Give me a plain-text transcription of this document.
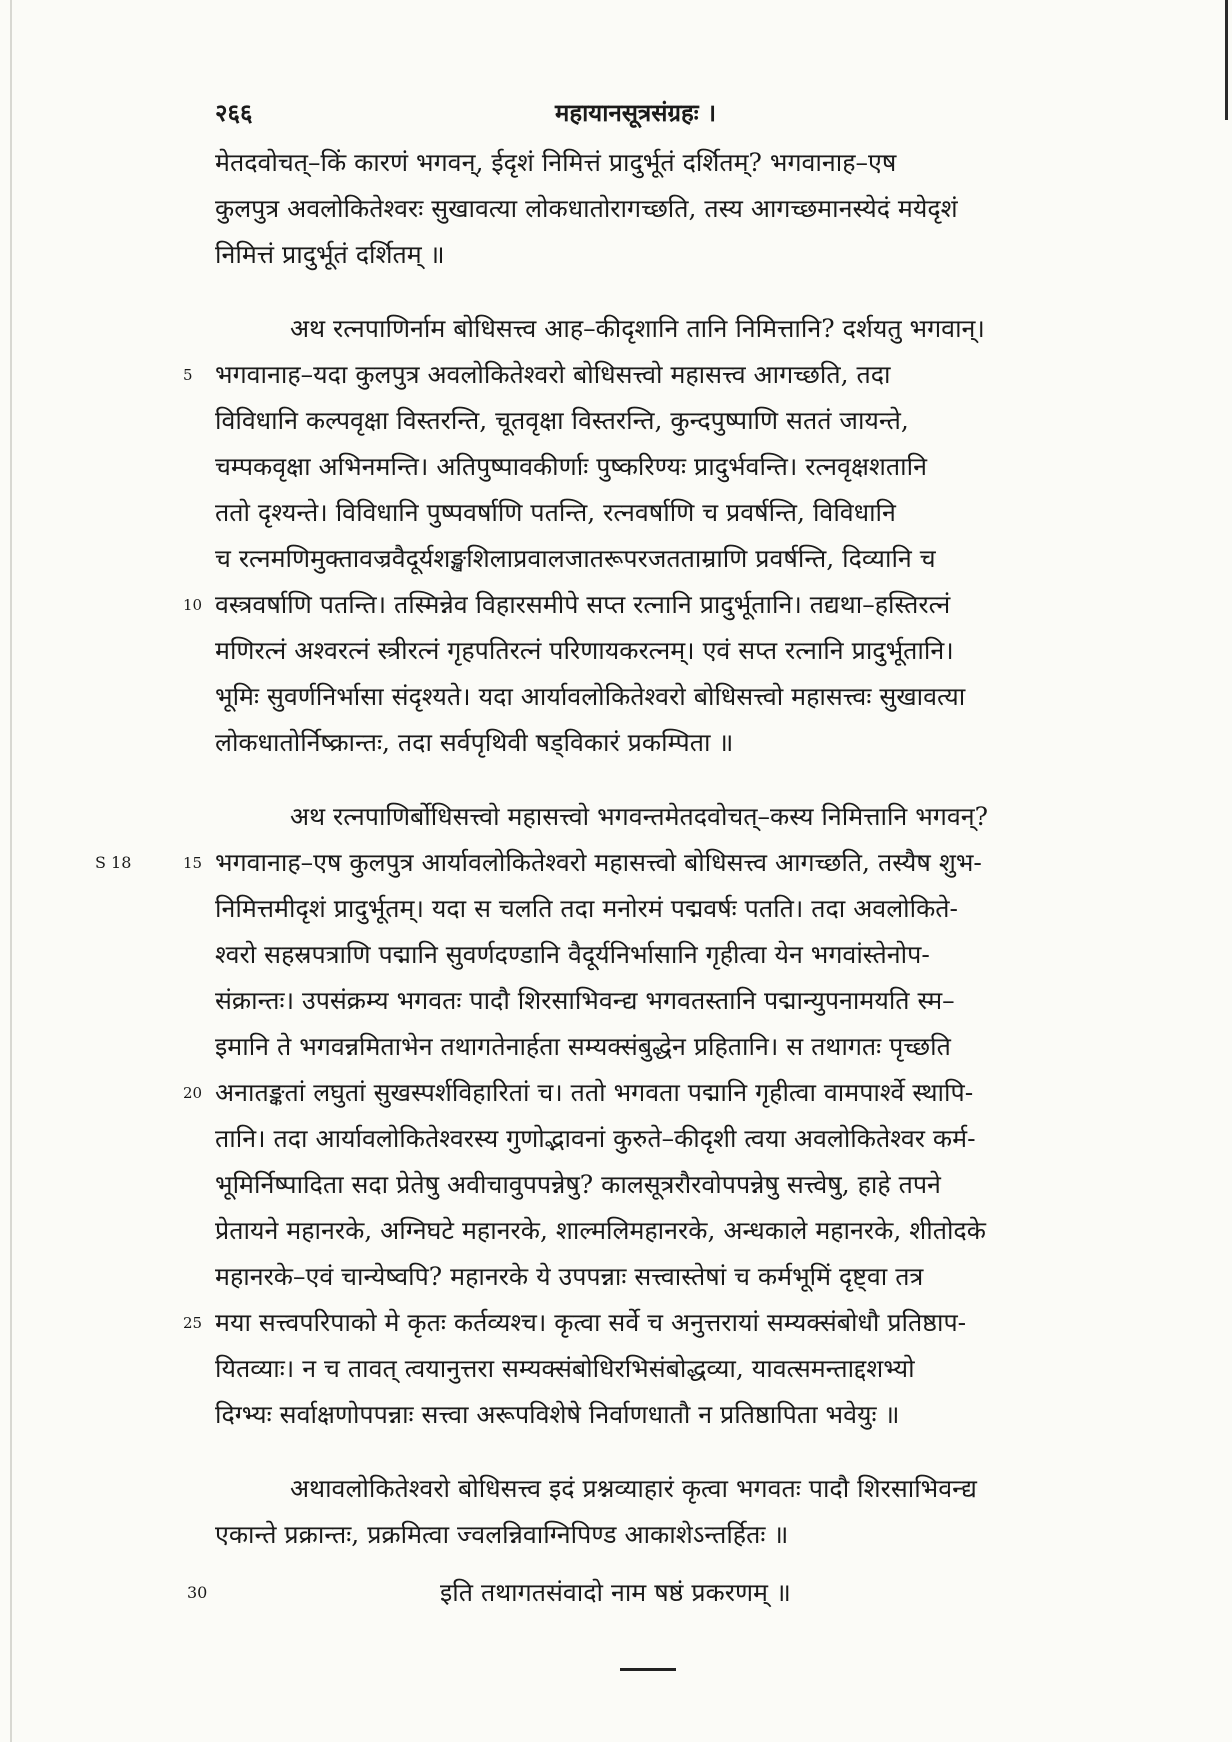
२६६	महायानसूत्रसंग्रहः ।
मेतदवोचत्–किं कारणं भगवन्, ईदृशं निमित्तं प्रादुर्भूतं दर्शितम्? भगवानाह–एष
कुलपुत्र अवलोकितेश्वरः सुखावत्या लोकधातोरागच्छति, तस्य आगच्छमानस्येदं मयेदृशं
निमित्तं प्रादुर्भूतं दर्शितम् ॥
अथ रत्नपाणिर्नाम बोधिसत्त्व आह–कीदृशानि तानि निमित्तानि? दर्शयतु भगवान्।
5 भगवानाह–यदा कुलपुत्र अवलोकितेश्वरो बोधिसत्त्वो महासत्त्व आगच्छति, तदा
विविधानि कल्पवृक्षा विस्तरन्ति, चूतवृक्षा विस्तरन्ति, कुन्दपुष्पाणि सततं जायन्ते,
चम्पकवृक्षा अभिनमन्ति। अतिपुष्पावकीर्णाः पुष्करिण्यः प्रादुर्भवन्ति। रत्नवृक्षशतानि
ततो दृश्यन्ते। विविधानि पुष्पवर्षाणि पतन्ति, रत्नवर्षाणि च प्रवर्षन्ति, विविधानि
च रत्नमणिमुक्तावज्रवैदूर्यशङ्खशिलाप्रवालजातरूपरजतताम्राणि प्रवर्षन्ति, दिव्यानि च
10 वस्त्रवर्षाणि पतन्ति। तस्मिन्नेव विहारसमीपे सप्त रत्नानि प्रादुर्भूतानि। तद्यथा–हस्तिरत्नं
मणिरत्नं अश्वरत्नं स्त्रीरत्नं गृहपतिरत्नं परिणायकरत्नम्। एवं सप्त रत्नानि प्रादुर्भूतानि।
भूमिः सुवर्णनिर्भासा संदृश्यते। यदा आर्यावलोकितेश्वरो बोधिसत्त्वो महासत्त्वः सुखावत्या
लोकधातोर्निष्क्रान्तः, तदा सर्वपृथिवी षड्विकारं प्रकम्पिता ॥
अथ रत्नपाणिर्बोधिसत्त्वो महासत्त्वो भगवन्तमेतदवोचत्–कस्य निमित्तानि भगवन्?
S 18	15 भगवानाह–एष कुलपुत्र आर्यावलोकितेश्वरो महासत्त्वो बोधिसत्त्व आगच्छति, तस्यैष शुभ-
निमित्तमीदृशं प्रादुर्भूतम्। यदा स चलति तदा मनोरमं पद्मवर्षः पतति। तदा अवलोकिते-
श्वरो सहस्रपत्राणि पद्मानि सुवर्णदण्डानि वैदूर्यनिर्भासानि गृहीत्वा येन भगवांस्तेनोप-
संक्रान्तः। उपसंक्रम्य भगवतः पादौ शिरसाभिवन्द्य भगवतस्तानि पद्मान्युपनामयति स्म–
इमानि ते भगवन्नमिताभेन तथागतेनार्हता सम्यक्संबुद्धेन प्रहितानि। स तथागतः पृच्छति
20 अनातङ्कतां लघुतां सुखस्पर्शविहारितां च। ततो भगवता पद्मानि गृहीत्वा वामपार्श्वे स्थापि-
तानि। तदा आर्यावलोकितेश्वरस्य गुणोद्भावनां कुरुते–कीदृशी त्वया अवलोकितेश्वर कर्म-
भूमिर्निष्पादिता सदा प्रेतेषु अवीचावुपपन्नेषु? कालसूत्ररौरवोपपन्नेषु सत्त्वेषु, हाहे तपने
प्रेतायने महानरके, अग्निघटे महानरके, शाल्मलिमहानरके, अन्धकाले महानरके, शीतोदके
महानरके–एवं चान्येष्वपि? महानरके ये उपपन्नाः सत्त्वास्तेषां च कर्मभूमिं दृष्ट्वा तत्र
25 मया सत्त्वपरिपाको मे कृतः कर्तव्यश्च। कृत्वा सर्वे च अनुत्तरायां सम्यक्संबोधौ प्रतिष्ठाप-
यितव्याः। न च तावत् त्वयानुत्तरा सम्यक्संबोधिरभिसंबोद्धव्या, यावत्समन्ताद्दशभ्यो
दिग्भ्यः सर्वाक्षणोपपन्नाः सत्त्वा अरूपविशेषे निर्वाणधातौ न प्रतिष्ठापिता भवेयुः ॥
अथावलोकितेश्वरो बोधिसत्त्व इदं प्रश्नव्याहारं कृत्वा भगवतः पादौ शिरसाभिवन्द्य
एकान्ते प्रक्रान्तः, प्रक्रमित्वा ज्वलन्निवाग्निपिण्ड आकाशेऽन्तर्हितः ॥
30	इति तथागतसंवादो नाम षष्ठं प्रकरणम् ॥
